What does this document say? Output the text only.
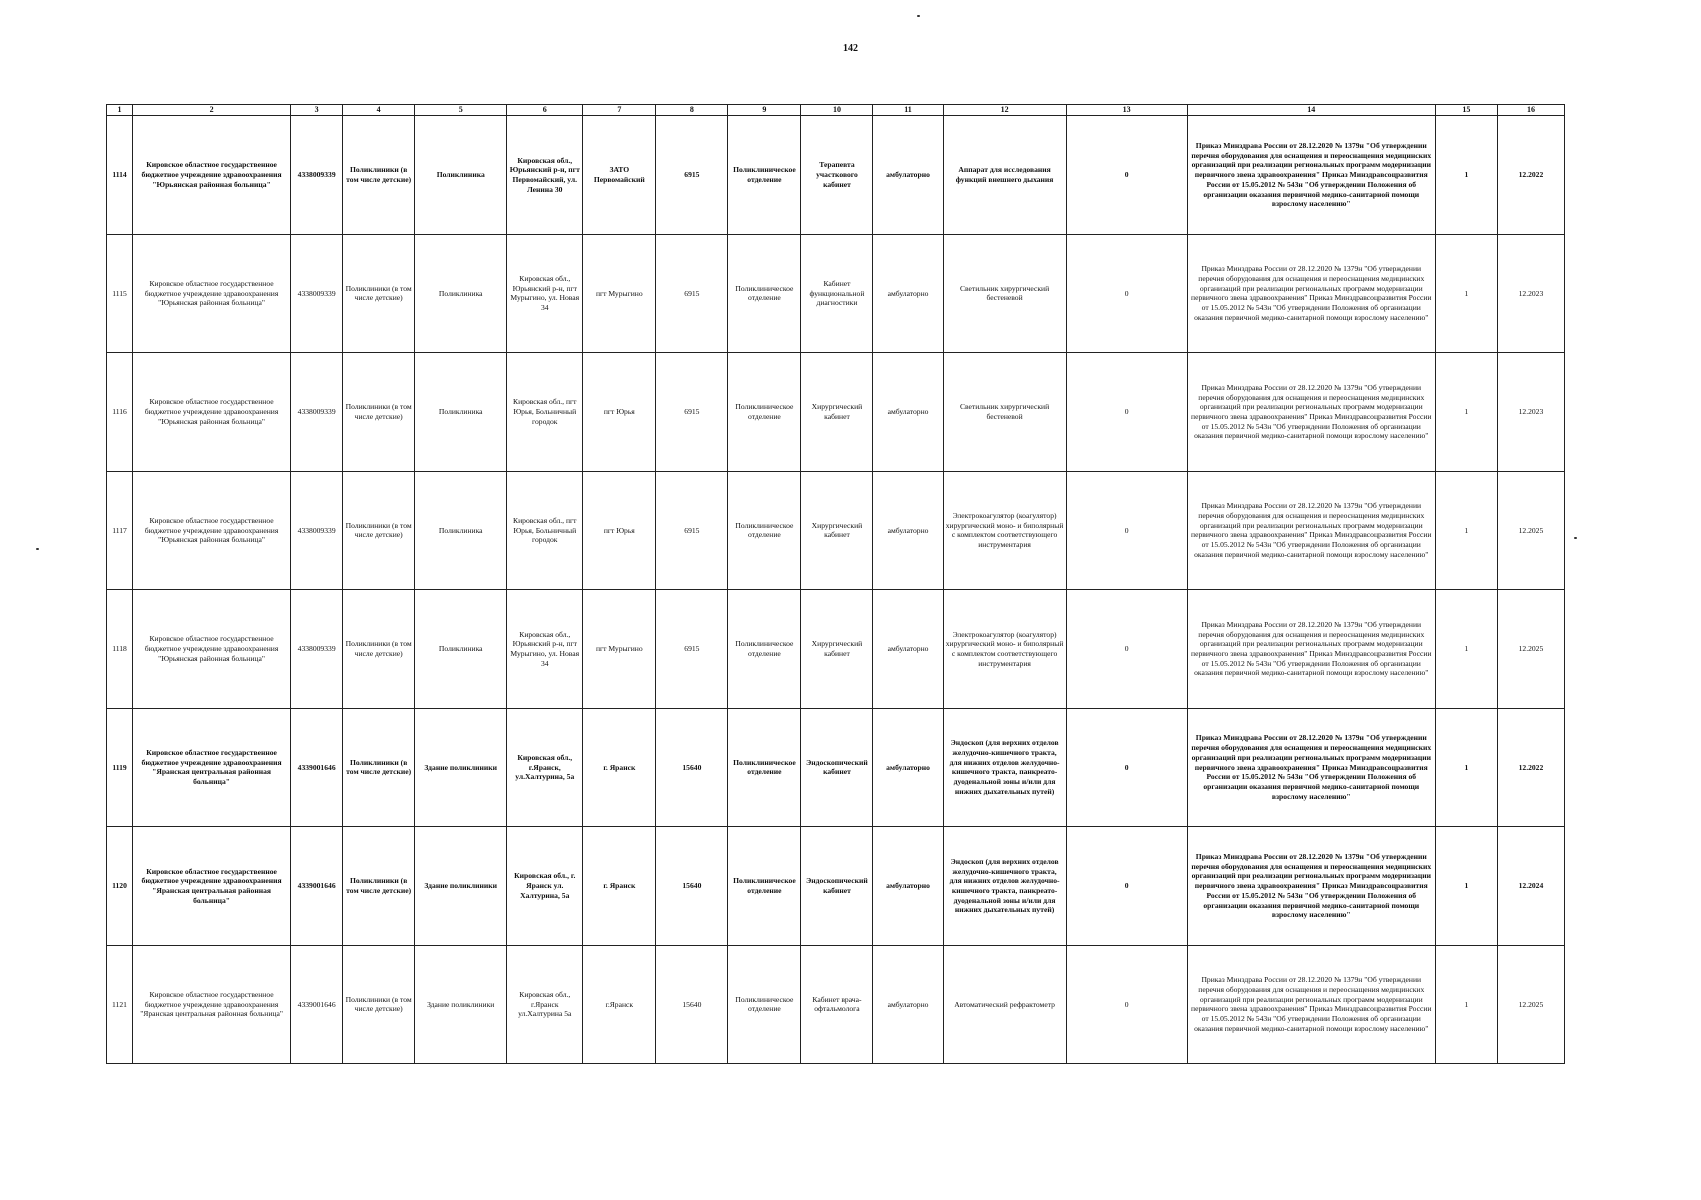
142
1	2	3	4	5	6	7	8	9	10	11	12	13	14	15	16
1114	Кировское областное государственное бюджетное учреждение здравоохранения "Юрьянская районная больница"	4338009339	Поликлиники (в том числе детские)	Поликлиника	Кировская обл., Юрьянский р-н, пгт Первомайский, ул. Ленина 30	ЗАТО Первомайский	6915	Поликлиническое отделение	Терапевта участкового кабинет	амбулаторно	Аппарат для исследования функций внешнего дыхания	0	Приказ Минздрава России от 28.12.2020 № 1379н "Об утверждении перечня оборудования для оснащения и переоснащения медицинских организаций при реализации региональных программ модернизации первичного звена здравоохранения" Приказ Минздравсоцразвития России от 15.05.2012 № 543н "Об утверждении Положения об организации оказания первичной медико-санитарной помощи взрослому населению"	1	12.2022
1115	Кировское областное государственное бюджетное учреждение здравоохранения "Юрьянская районная больница"	4338009339	Поликлиники (в том числе детские)	Поликлиника	Кировская обл., Юрьянский р-н, пгт Мурыгино, ул. Новая 34	пгт Мурыгино	6915	Поликлиническое отделение	Кабинет функциональной диагностики	амбулаторно	Светильник хирургический бестеневой	0	Приказ Минздрава России от 28.12.2020 № 1379н "Об утверждении перечня оборудования для оснащения и переоснащения медицинских организаций при реализации региональных программ модернизации первичного звена здравоохранения" Приказ Минздравсоцразвития России от 15.05.2012 № 543н "Об утверждении Положения об организации оказания первичной медико-санитарной помощи взрослому населению"	1	12.2023
1116	Кировское областное государственное бюджетное учреждение здравоохранения "Юрьянская районная больница"	4338009339	Поликлиники (в том числе детские)	Поликлиника	Кировская обл., пгт Юрья, Больничный городок	пгт Юрья	6915	Поликлиническое отделение	Хирургический кабинет	амбулаторно	Светильник хирургический бестеневой	0	Приказ Минздрава России от 28.12.2020 № 1379н "Об утверждении перечня оборудования для оснащения и переоснащения медицинских организаций при реализации региональных программ модернизации первичного звена здравоохранения" Приказ Минздравсоцразвития России от 15.05.2012 № 543н "Об утверждении Положения об организации оказания первичной медико-санитарной помощи взрослому населению"	1	12.2023
1117	Кировское областное государственное бюджетное учреждение здравоохранения "Юрьянская районная больница"	4338009339	Поликлиники (в том числе детские)	Поликлиника	Кировская обл., пгт Юрья, Больничный городок	пгт Юрья	6915	Поликлиническое отделение	Хирургический кабинет	амбулаторно	Электрокоагулятор (коагулятор) хирургический моно- и биполярный с комплектом соответствующего инструментария	0	Приказ Минздрава России от 28.12.2020 № 1379н "Об утверждении перечня оборудования для оснащения и переоснащения медицинских организаций при реализации региональных программ модернизации первичного звена здравоохранения" Приказ Минздравсоцразвития России от 15.05.2012 № 543н "Об утверждении Положения об организации оказания первичной медико-санитарной помощи взрослому населению"	1	12.2025
1118	Кировское областное государственное бюджетное учреждение здравоохранения "Юрьянская районная больница"	4338009339	Поликлиники (в том числе детские)	Поликлиника	Кировская обл., Юрьянский р-н, пгт Мурыгино, ул. Новая 34	пгт Мурыгино	6915	Поликлиническое отделение	Хирургический кабинет	амбулаторно	Электрокоагулятор (коагулятор) хирургический моно- и биполярный с комплектом соответствующего инструментария	0	Приказ Минздрава России от 28.12.2020 № 1379н "Об утверждении перечня оборудования для оснащения и переоснащения медицинских организаций при реализации региональных программ модернизации первичного звена здравоохранения" Приказ Минздравсоцразвития России от 15.05.2012 № 543н "Об утверждении Положения об организации оказания первичной медико-санитарной помощи взрослому населению"	1	12.2025
1119	Кировское областное государственное бюджетное учреждение здравоохранения "Яранская центральная районная больница"	4339001646	Поликлиники (в том числе детские)	Здание поликлиники	Кировская обл., г.Яранск, ул.Халтурина, 5а	г. Яранск	15640	Поликлиническое отделение	Эндоскопический кабинет	амбулаторно	Эндоскоп (для верхних отделов желудочно-кишечного тракта, для нижних отделов желудочно-кишечного тракта, панкреато-дуоденальной зоны и/или для нижних дыхательных путей)	0	Приказ Минздрава России от 28.12.2020 № 1379н "Об утверждении перечня оборудования для оснащения и переоснащения медицинских организаций при реализации региональных программ модернизации первичного звена здравоохранения" Приказ Минздравсоцразвития России от 15.05.2012 № 543н "Об утверждении Положения об организации оказания первичной медико-санитарной помощи взрослому населению"	1	12.2022
1120	Кировское областное государственное бюджетное учреждение здравоохранения "Яранская центральная районная больница"	4339001646	Поликлиники (в том числе детские)	Здание поликлиники	Кировская обл., г. Яранск ул. Халтурина, 5а	г. Яранск	15640	Поликлиническое отделение	Эндоскопический кабинет	амбулаторно	Эндоскоп (для верхних отделов желудочно-кишечного тракта, для нижних отделов желудочно-кишечного тракта, панкреато-дуоденальной зоны и/или для нижних дыхательных путей)	0	Приказ Минздрава России от 28.12.2020 № 1379н "Об утверждении перечня оборудования для оснащения и переоснащения медицинских организаций при реализации региональных программ модернизации первичного звена здравоохранения" Приказ Минздравсоцразвития России от 15.05.2012 № 543н "Об утверждении Положения об организации оказания первичной медико-санитарной помощи взрослому населению"	1	12.2024
1121	Кировское областное государственное бюджетное учреждение здравоохранения "Яранская центральная районная больница"	4339001646	Поликлиники (в том числе детские)	Здание поликлиники	Кировская обл., г.Яранск ул.Халтурина 5а	г.Яранск	15640	Поликлиническое отделение	Кабинет врача-офтальмолога	амбулаторно	Автоматический рефрактометр	0	Приказ Минздрава России от 28.12.2020 № 1379н "Об утверждении перечня оборудования для оснащения и переоснащения медицинских организаций при реализации региональных программ модернизации первичного звена здравоохранения" Приказ Минздравсоцразвития России от 15.05.2012 № 543н "Об утверждении Положения об организации оказания первичной медико-санитарной помощи взрослому населению"	1	12.2025
